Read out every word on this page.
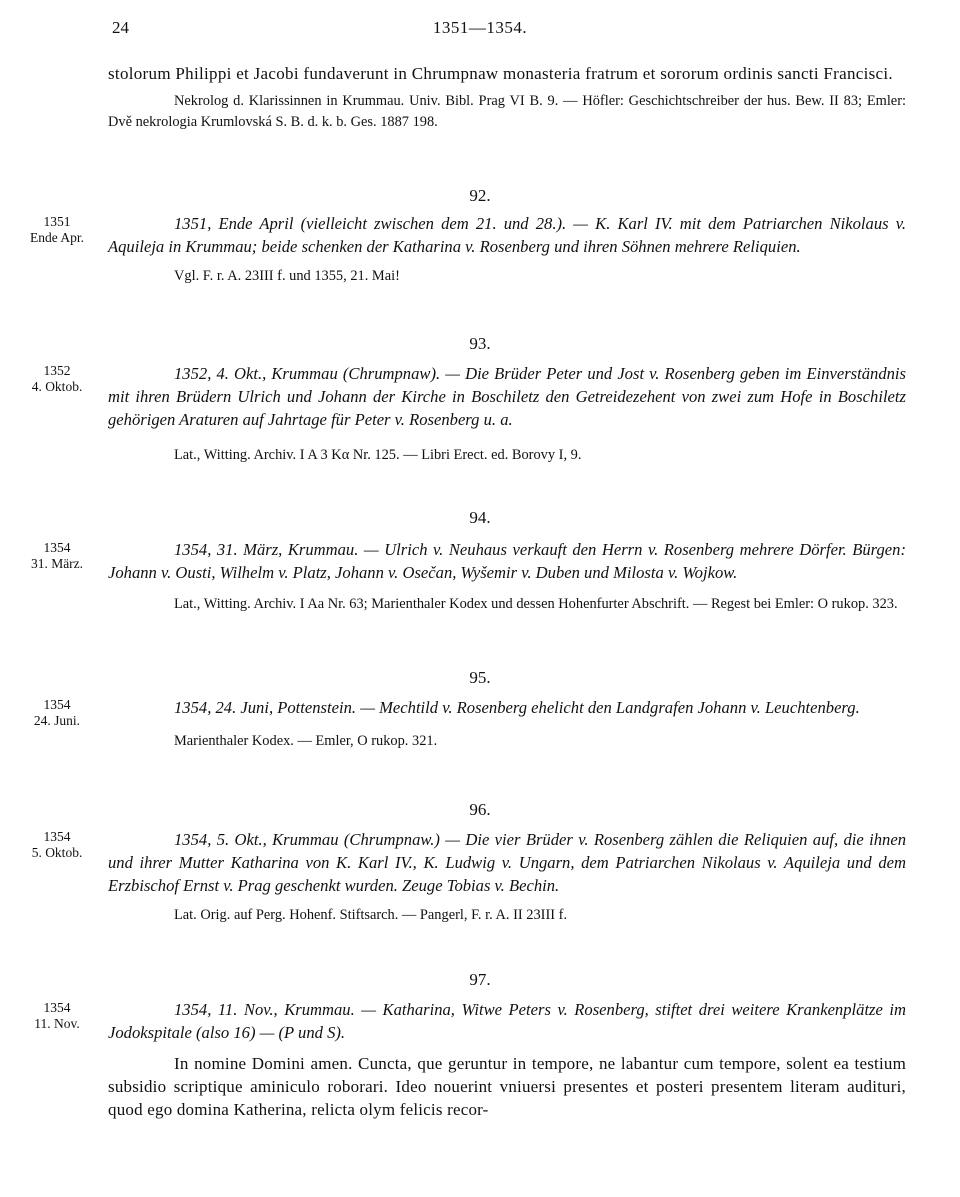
24	1351—1354.

stolorum Philippi et Jacobi fundaverunt in Chrumpnaw monasteria fratrum et sororum ordinis sancti Francisci.

Nekrolog d. Klarissinnen in Krummau. Univ. Bibl. Prag VI B. 9. — Höfler: Geschichtschreiber der hus. Bew. II 83; Emler: Dvě nekrologia Krumlovská S. B. d. k. b. Ges. 1887 198.

92.
1351
Ende Apr.

1351, Ende April (vielleicht zwischen dem 21. und 28.). — K. Karl IV. mit dem Patriarchen Nikolaus v. Aquileja in Krummau; beide schenken der Katharina v. Rosenberg und ihren Söhnen mehrere Reliquien.

Vgl. F. r. A. 23III f. und 1355, 21. Mai!

93.
1352
4. Oktob.

1352, 4. Okt., Krummau (Chrumpnaw). — Die Brüder Peter und Jost v. Rosenberg geben im Einverständnis mit ihren Brüdern Ulrich und Johann der Kirche in Boschiletz den Getreidezehent von zwei zum Hofe in Boschiletz gehörigen Araturen auf Jahrtage für Peter v. Rosenberg u. a.

Lat., Witting. Archiv. I A 3 Kα Nr. 125. — Libri Erect. ed. Borovy I, 9.

94.
1354
31. März.

1354, 31. März, Krummau. — Ulrich v. Neuhaus verkauft den Herrn v. Rosenberg mehrere Dörfer. Bürgen: Johann v. Ousti, Wilhelm v. Platz, Johann v. Osečan, Wyšemir v. Duben und Milosta v. Wojkow.

Lat., Witting. Archiv. I Aa Nr. 63; Marienthaler Kodex und dessen Hohenfurter Abschrift. — Regest bei Emler: O rukop. 323.

95.
1354
24. Juni.

1354, 24. Juni, Pottenstein. — Mechtild v. Rosenberg ehelicht den Landgrafen Johann v. Leuchtenberg.

Marienthaler Kodex. — Emler, O rukop. 321.

96.
1354
5. Oktob.

1354, 5. Okt., Krummau (Chrumpnaw.) — Die vier Brüder v. Rosenberg zählen die Reliquien auf, die ihnen und ihrer Mutter Katharina von K. Karl IV., K. Ludwig v. Ungarn, dem Patriarchen Nikolaus v. Aquileja und dem Erzbischof Ernst v. Prag geschenkt wurden. Zeuge Tobias v. Bechin.

Lat. Orig. auf Perg. Hohenf. Stiftsarch. — Pangerl, F. r. A. II 23III f.

97.
1354
11. Nov.

1354, 11. Nov., Krummau. — Katharina, Witwe Peters v. Rosenberg, stiftet drei weitere Krankenplätze im Jodokspitale (also 16) — (P und S).

In nomine Domini amen. Cuncta, que geruntur in tempore, ne labantur cum tempore, solent ea testium subsidio scriptique aminiculo roborari. Ideo nouerint vniuersi presentes et posteri presentem literam audituri, quod ego domina Katherina, relicta olym felicis recor-
